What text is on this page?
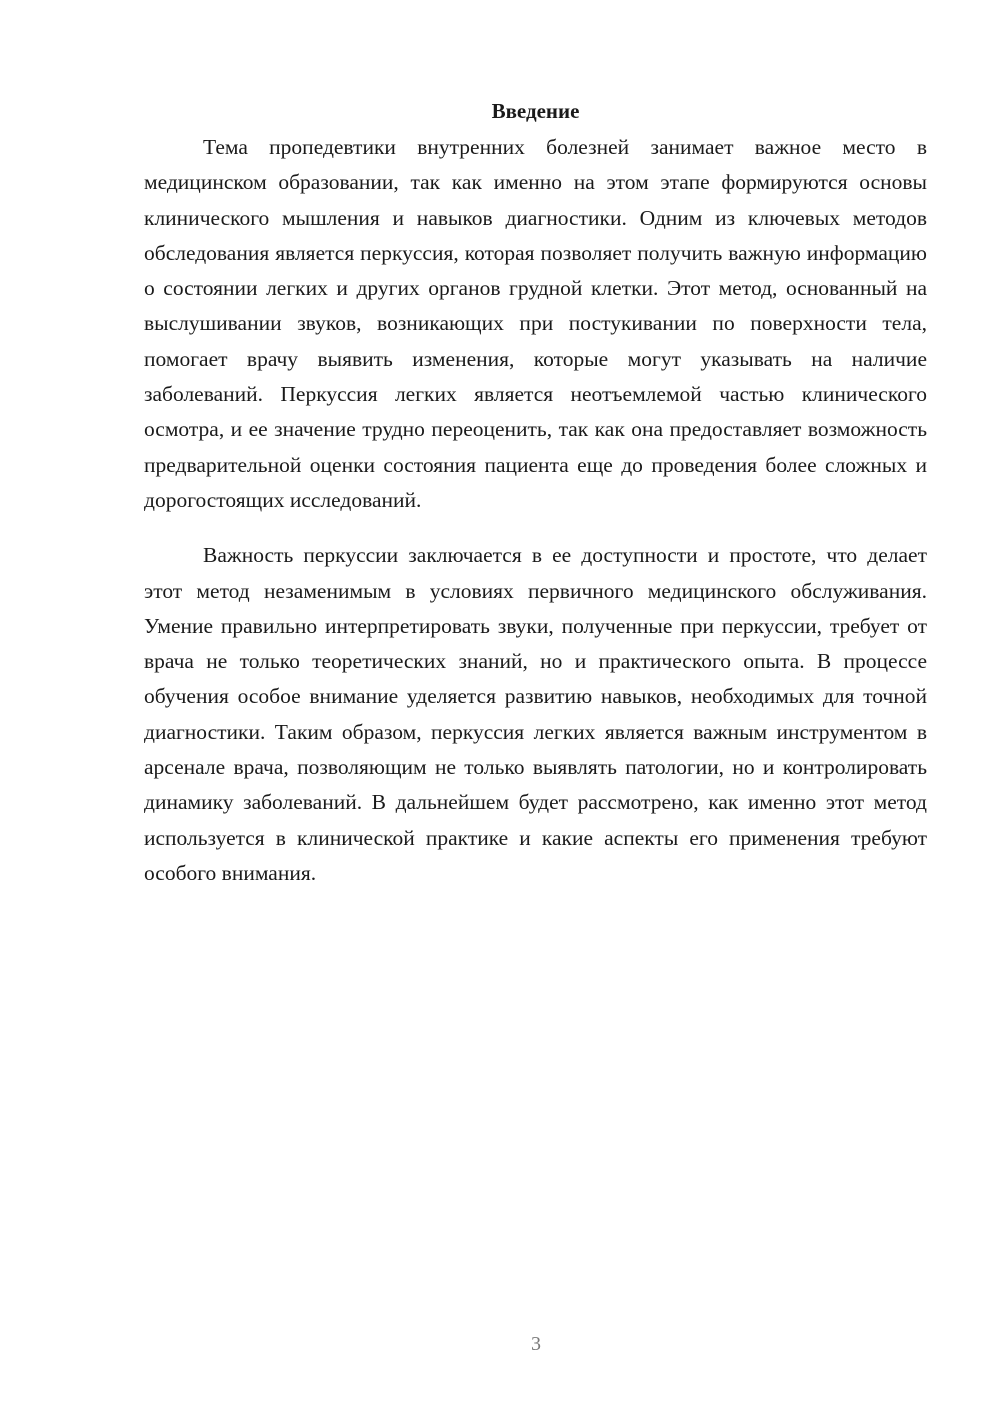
Введение

Тема пропедевтики внутренних болезней занимает важное место в медицинском образовании, так как именно на этом этапе формируются основы клинического мышления и навыков диагностики. Одним из ключевых методов обследования является перкуссия, которая позволяет получить важную информацию о состоянии легких и других органов грудной клетки. Этот метод, основанный на выслушивании звуков, возникающих при постукивании по поверхности тела, помогает врачу выявить изменения, которые могут указывать на наличие заболеваний. Перкуссия легких является неотъемлемой частью клинического осмотра, и ее значение трудно переоценить, так как она предоставляет возможность предварительной оценки состояния пациента еще до проведения более сложных и дорогостоящих исследований.

Важность перкуссии заключается в ее доступности и простоте, что делает этот метод незаменимым в условиях первичного медицинского обслуживания. Умение правильно интерпретировать звуки, полученные при перкуссии, требует от врача не только теоретических знаний, но и практического опыта. В процессе обучения особое внимание уделяется развитию навыков, необходимых для точной диагностики. Таким образом, перкуссия легких является важным инструментом в арсенале врача, позволяющим не только выявлять патологии, но и контролировать динамику заболеваний. В дальнейшем будет рассмотрено, как именно этот метод используется в клинической практике и какие аспекты его применения требуют особого внимания.

3
